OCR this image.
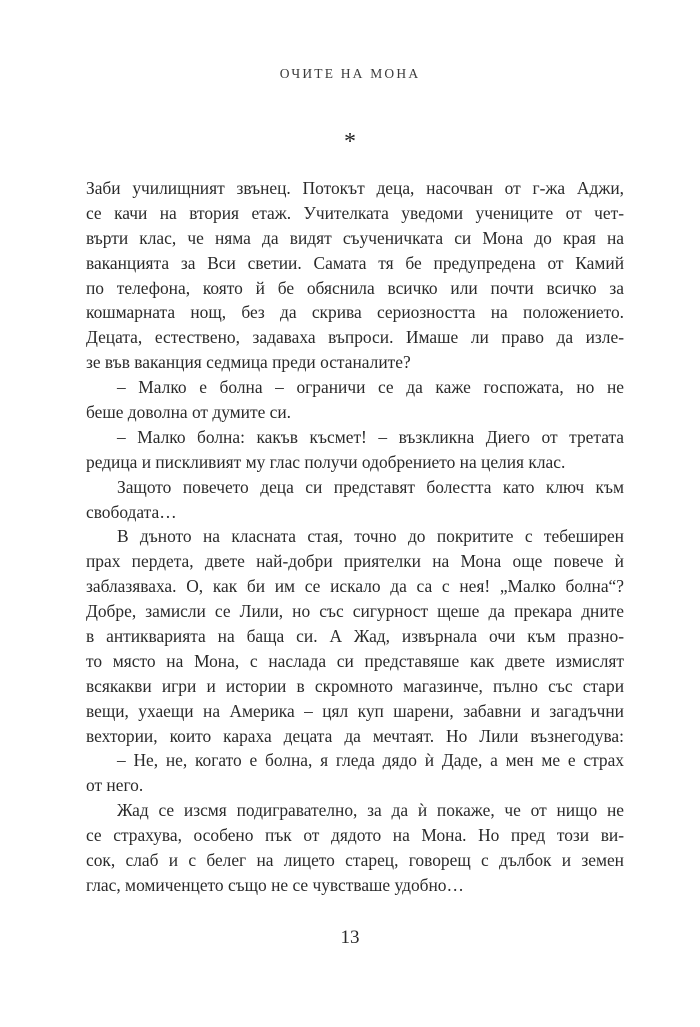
ОЧИТЕ НА МОНА
*
Заби училищният звънец. Потокът деца, насочван от г-жа Аджи,
се качи на втория етаж. Учителката уведоми учениците от чет-
върти клас, че няма да видят съученичката си Мона до края на
ваканцията за Вси светии. Самата тя бе предупредена от Камий
по телефона, която й бе обяснила всичко или почти всичко за
кошмарната нощ, без да скрива сериозността на положението.
Децата, естествено, задаваха въпроси. Имаше ли право да изле-
зе във ваканция седмица преди останалите?
– Малко е болна – ограничи се да каже госпожата, но не
беше доволна от думите си.
– Малко болна: какъв късмет! – възкликна Диего от третата
редица и пискливият му глас получи одобрението на целия клас.
Защото повечето деца си представят болестта като ключ към
свободата…
В дъното на класната стая, точно до покритите с тебеширен
прах пердета, двете най-добри приятелки на Мона още повече ѝ
заблазяваха. О, как би им се искало да са с нея! „Малко болна“?
Добре, замисли се Лили, но със сигурност щеше да прекара дните
в антикварията на баща си. А Жад, извърнала очи към празно-
то място на Мона, с наслада си представяше как двете измислят
всякакви игри и истории в скромното магазинче, пълно със стари
вещи, ухаещи на Америка – цял куп шарени, забавни и загадъчни
вехтории, които караха децата да мечтаят. Но Лили възнегодува:
– Не, не, когато е болна, я гледа дядо ѝ Даде, а мен ме е страх
от него.
Жад се изсмя подигравателно, за да ѝ покаже, че от нищо не
се страхува, особено пък от дядото на Мона. Но пред този ви-
сок, слаб и с белег на лицето старец, говорещ с дълбок и земен
глас, момиченцето също не се чувстваше удобно…
13
